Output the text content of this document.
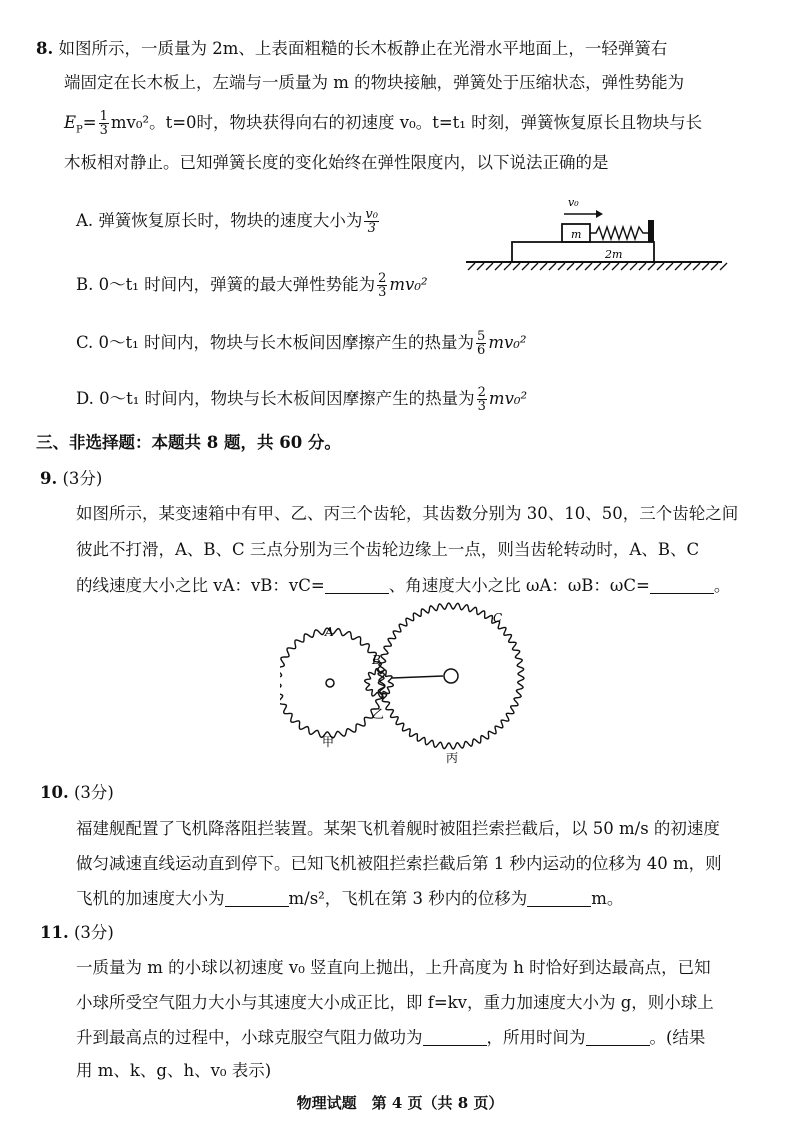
8. 如图所示，一质量为 2m、上表面粗糙的长木板静止在光滑水平地面上，一轻弹簧右
端固定在长木板上，左端与一质量为 m 的物块接触，弹簧处于压缩状态，弹性势能为
$E_P= \frac{1}{3} mv_0^2$。t=0时，物块获得向右的初速度 v₀。t=t₁ 时刻，弹簧恢复原长且物块与长
木板相对静止。已知弹簧长度的变化始终在弹性限度内，以下说法正确的是
A. 弹簧恢复原长时，物块的速度大小为 $\frac{\text{v₀}}{3}$
B. 0～t₁ 时间内，弹簧的最大弹性势能为 $\frac{2}{3} mv_0^2$
C. 0～t₁ 时间内，物块与长木板间因摩擦产生的热量为 $\frac{5}{6} mv_0^2$
D. 0～t₁ 时间内，物块与长木板间因摩擦产生的热量为 $\frac{2}{3} mv_0^2$
m
v₀
2m
三、非选择题：本题共 8 题，共 60 分。
9. (3分)
如图所示，某变速箱中有甲、乙、丙三个齿轮，其齿数分别为 30、10、50，三个齿轮之间
彼此不打滑，A、B、C 三点分别为三个齿轮边缘上一点，则当齿轮转动时，A、B、C
的线速度大小之比 vA：vB：vC=	、角速度大小之比 ωA：ωB：ωC=	。
A
B
C
甲
乙
丙
10. (3分)
福建舰配置了飞机降落阻拦装置。某架飞机着舰时被阻拦索拦截后，以 50 m/s 的初速度
做匀减速直线运动直到停下。已知飞机被阻拦索拦截后第 1 秒内运动的位移为 40 m，则
飞机的加速度大小为	m/s²，飞机在第 3 秒内的位移为	m。
11. (3分)
一质量为 m 的小球以初速度 v₀ 竖直向上抛出，上升高度为 h 时恰好到达最高点，已知
小球所受空气阻力大小与其速度大小成正比，即 f=kv，重力加速度大小为 g，则小球上
升到最高点的过程中，小球克服空气阻力做功为	，所用时间为	。(结果
用 m、k、g、h、v₀ 表示)
物理试题　第 4 页（共 8 页）
